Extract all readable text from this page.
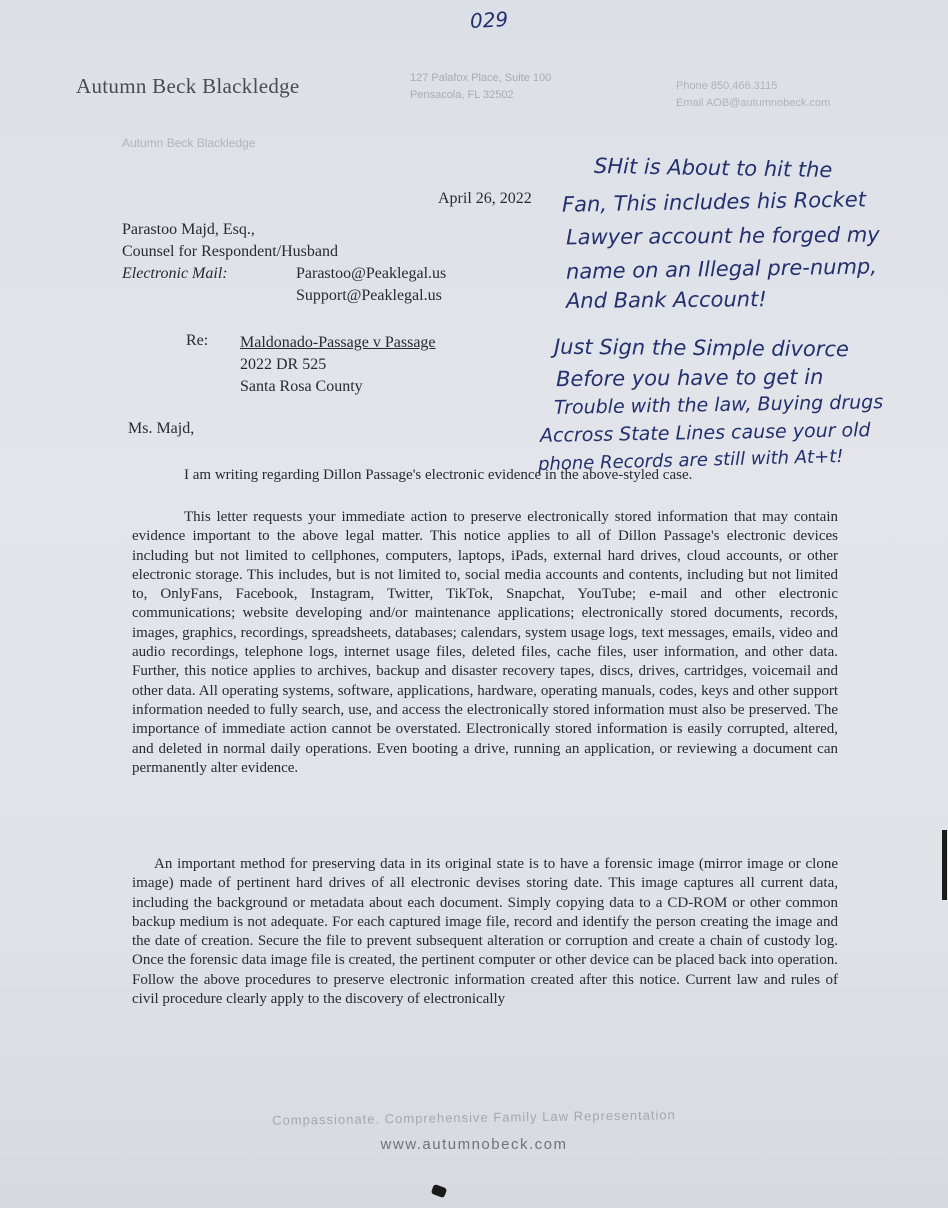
029
Autumn Beck Blackledge	127 Palafox Place, Suite 100
Pensacola, FL 32502
Phone 850.466.3115
Email AOB@autumnobeck.com
Autumn Beck Blackledge
April 26, 2022
Parastoo Majd, Esq.,
Counsel for Respondent/Husband
Electronic Mail:	Parastoo@Peaklegal.us
Support@Peaklegal.us
Re: Maldonado-Passage v Passage
2022 DR 525
Santa Rosa County
Ms. Majd,

I am writing regarding Dillon Passage's electronic evidence in the above-styled case.

This letter requests your immediate action to preserve electronically stored information that may contain evidence important to the above legal matter. This notice applies to all of Dillon Passage's electronic devices including but not limited to cellphones, computers, laptops, iPads, external hard drives, cloud accounts, or other electronic storage. This includes, but is not limited to, social media accounts and contents, including but not limited to, OnlyFans, Facebook, Instagram, Twitter, TikTok, Snapchat, YouTube; e-mail and other electronic communications; website developing and/or maintenance applications; electronically stored documents, records, images, graphics, recordings, spreadsheets, databases; calendars, system usage logs, text messages, emails, video and audio recordings, telephone logs, internet usage files, deleted files, cache files, user information, and other data. Further, this notice applies to archives, backup and disaster recovery tapes, discs, drives, cartridges, voicemail and other data. All operating systems, software, applications, hardware, operating manuals, codes, keys and other support information needed to fully search, use, and access the electronically stored information must also be preserved. The importance of immediate action cannot be overstated. Electronically stored information is easily corrupted, altered, and deleted in normal daily operations. Even booting a drive, running an application, or reviewing a document can permanently alter evidence.

An important method for preserving data in its original state is to have a forensic image (mirror image or clone image) made of pertinent hard drives of all electronic devises storing date. This image captures all current data, including the background or metadata about each document. Simply copying data to a CD-ROM or other common backup medium is not adequate. For each captured image file, record and identify the person creating the image and the date of creation. Secure the file to prevent subsequent alteration or corruption and create a chain of custody log. Once the forensic data image file is created, the pertinent computer or other device can be placed back into operation. Follow the above procedures to preserve electronic information created after this notice. Current law and rules of civil procedure clearly apply to the discovery of electronically

SHit is About to hit the
Fan, This includes his Rocket
Lawyer account he forged my
name on an Illegal pre-nump,
And Bank Account!
Just Sign the Simple divorce
Before you have to get in
Trouble with the law, Buying drugs
Accross State Lines cause your old
phone Records are still with At+t!
Compassionate. Comprehensive Family Law Representation
www.autumnobeck.com
